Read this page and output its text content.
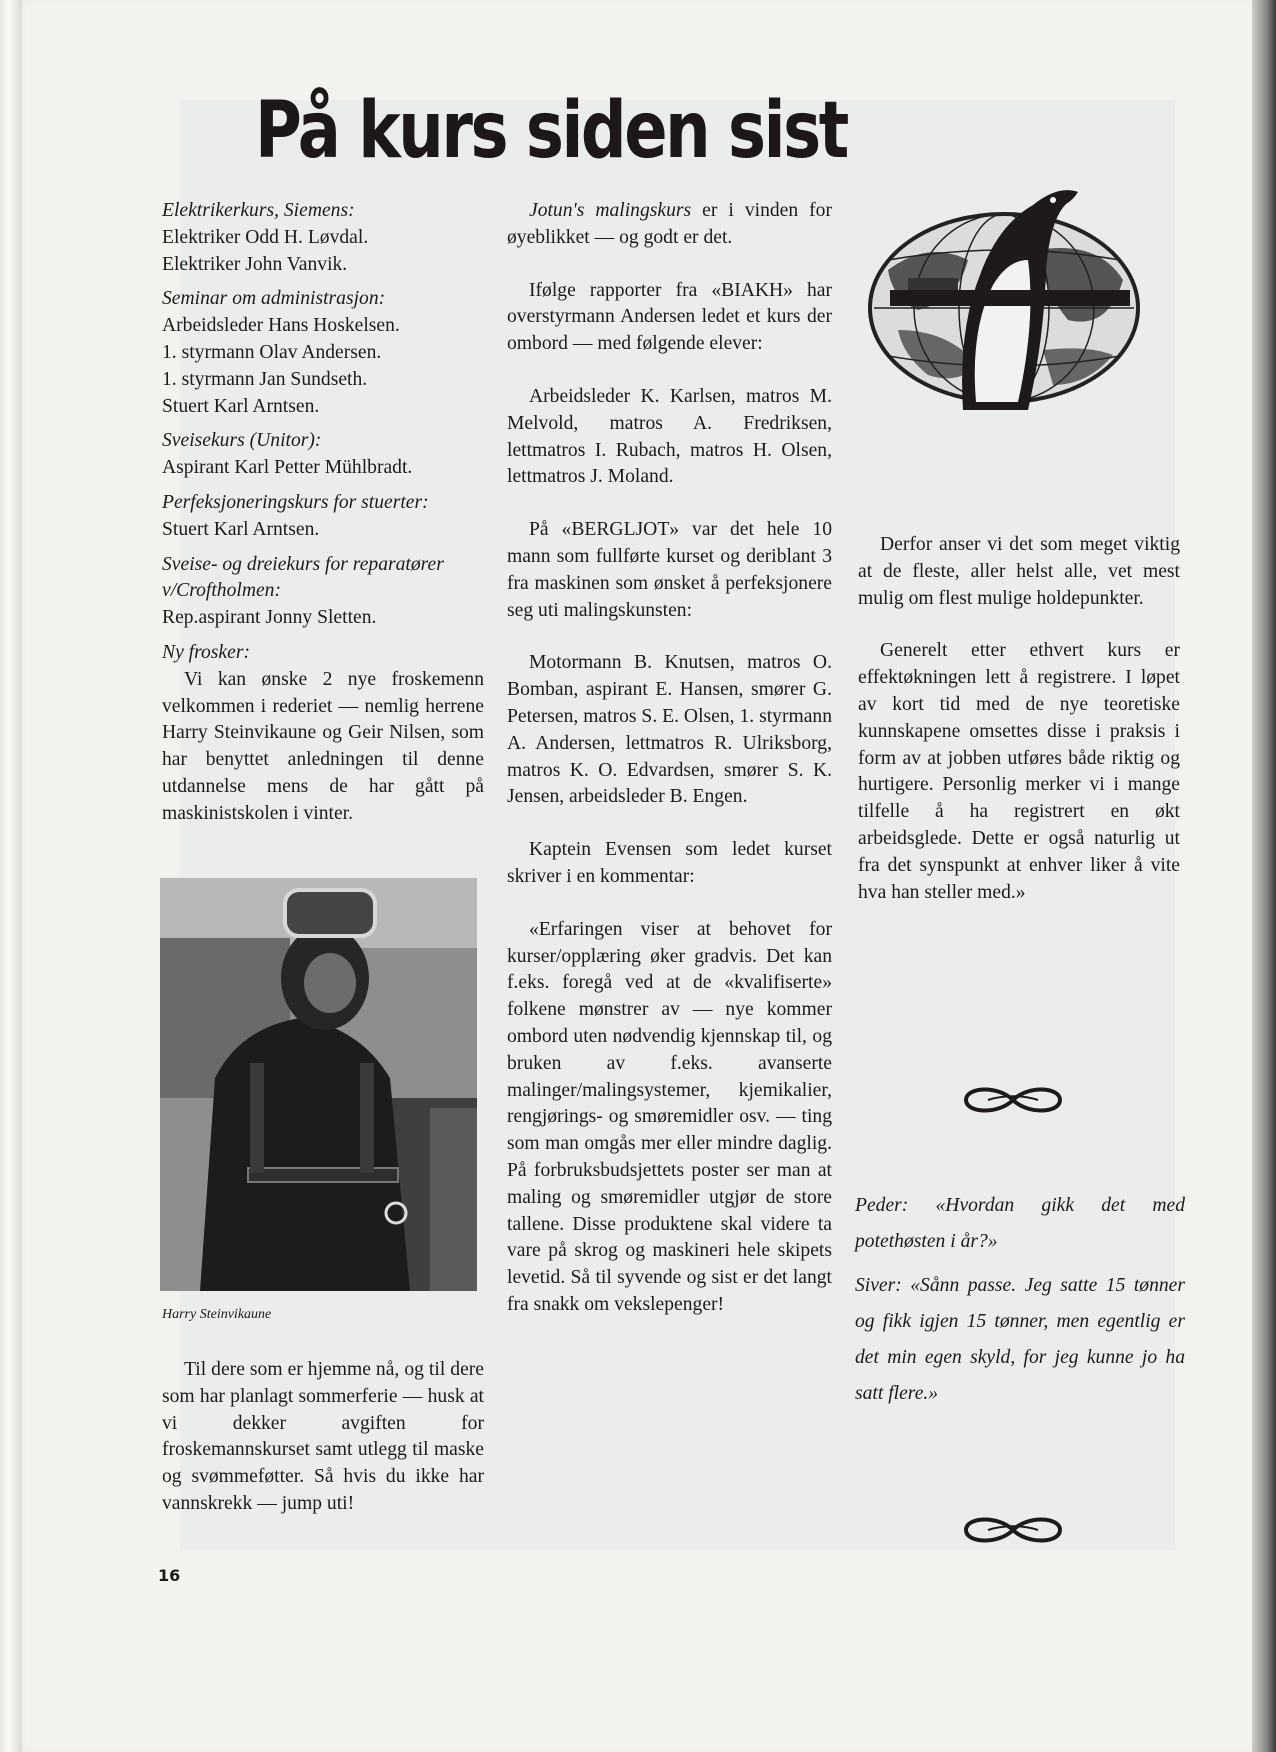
På kurs siden sist

Elektrikerkurs, Siemens:

Elektriker Odd H. Løvdal.

Elektriker John Vanvik.

Seminar om administrasjon:

Arbeidsleder Hans Hoskelsen.

1. styrmann Olav Andersen.

1. styrmann Jan Sundseth.

Stuert Karl Arntsen.

Sveisekurs (Unitor):

Aspirant Karl Petter Mühlbradt.

Perfeksjoneringskurs for stuerter:

Stuert Karl Arntsen.

Sveise- og dreiekurs for reparatører v/Croftholmen:

Rep.aspirant Jonny Sletten.

Ny frosker:

Vi kan ønske 2 nye froskemenn velkommen i rederiet — nemlig herrene Harry Steinvikaune og Geir Nilsen, som har benyttet anledningen til denne utdannelse mens de har gått på maskinistskolen i vinter.

Harry Steinvikaune

Til dere som er hjemme nå, og til dere som har planlagt sommerferie — husk at vi dekker avgiften for froskemannskurset samt utlegg til maske og svømmeføtter. Så hvis du ikke har vannskrekk — jump uti!

Jotun's malingskurs er i vinden for øyeblikket — og godt er det.

Ifølge rapporter fra «BIAKH» har overstyrmann Andersen ledet et kurs der ombord — med følgende elever:

Arbeidsleder K. Karlsen, matros M. Melvold, matros A. Fredriksen, lettmatros I. Rubach, matros H. Olsen, lettmatros J. Moland.

På «BERGLJOT» var det hele 10 mann som fullførte kurset og deriblant 3 fra maskinen som ønsket å perfeksjonere seg uti malingskunsten:

Motormann B. Knutsen, matros O. Bomban, aspirant E. Hansen, smører G. Petersen, matros S. E. Olsen, 1. styrmann A. Andersen, lettmatros R. Ulriksborg, matros K. O. Edvardsen, smører S. K. Jensen, arbeidsleder B. Engen.

Kaptein Evensen som ledet kurset skriver i en kommentar:

«Erfaringen viser at behovet for kurser/opplæring øker gradvis. Det kan f.eks. foregå ved at de «kvalifiserte» folkene mønstrer av — nye kommer ombord uten nødvendig kjennskap til, og bruken av f.eks. avanserte malinger/malingsystemer, kjemikalier, rengjørings- og smøremidler osv. — ting som man omgås mer eller mindre daglig. På forbruksbudsjettets poster ser man at maling og smøremidler utgjør de store tallene. Disse produktene skal videre ta vare på skrog og maskineri hele skipets levetid. Så til syvende og sist er det langt fra snakk om vekslepenger!

Derfor anser vi det som meget viktig at de fleste, aller helst alle, vet mest mulig om flest mulige holdepunkter.

Generelt etter ethvert kurs er effektøkningen lett å registrere. I løpet av kort tid med de nye teoretiske kunnskapene omsettes disse i praksis i form av at jobben utføres både riktig og hurtigere. Personlig merker vi i mange tilfelle å ha registrert en økt arbeidsglede. Dette er også naturlig ut fra det synspunkt at enhver liker å vite hva han steller med.»

Peder: «Hvordan gikk det med potethøsten i år?»

Siver: «Sånn passe. Jeg satte 15 tønner og fikk igjen 15 tønner, men egentlig er det min egen skyld, for jeg kunne jo ha satt flere.»

16
